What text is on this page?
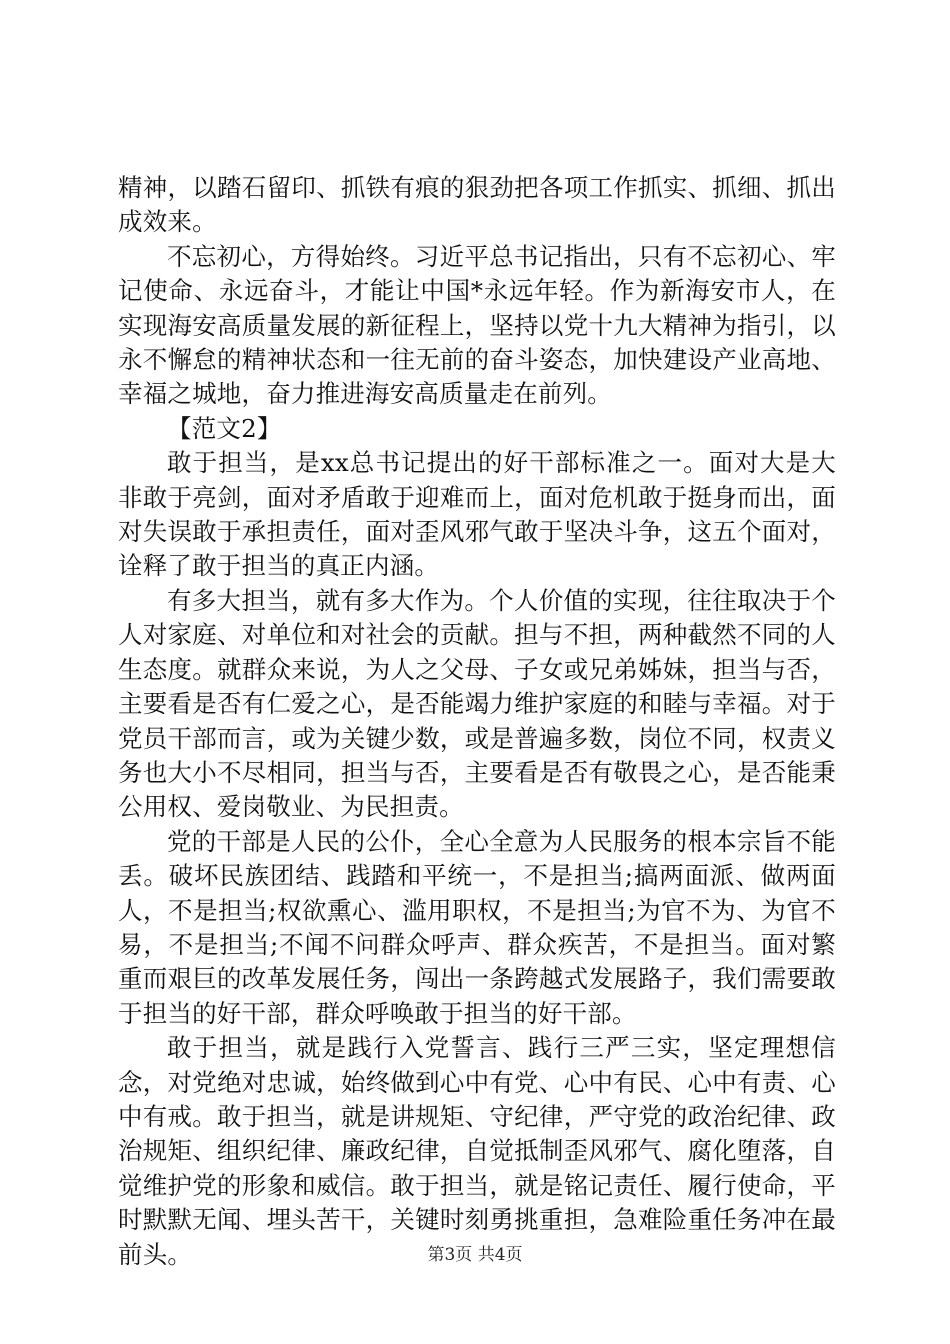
精神，以踏石留印、抓铁有痕的狠劲把各项工作抓实、抓细、抓出成效来。

不忘初心，方得始终。习近平总书记指出，只有不忘初心、牢记使命、永远奋斗，才能让中国*永远年轻。作为新海安市人，在实现海安高质量发展的新征程上，坚持以党十九大精神为指引，以永不懈怠的精神状态和一往无前的奋斗姿态，加快建设产业高地、幸福之城地，奋力推进海安高质量走在前列。

【范文2】

敢于担当，是xx总书记提出的好干部标准之一。面对大是大非敢于亮剑，面对矛盾敢于迎难而上，面对危机敢于挺身而出，面对失误敢于承担责任，面对歪风邪气敢于坚决斗争，这五个面对，诠释了敢于担当的真正内涵。

有多大担当，就有多大作为。个人价值的实现，往往取决于个人对家庭、对单位和对社会的贡献。担与不担，两种截然不同的人生态度。就群众来说，为人之父母、子女或兄弟姊妹，担当与否，主要看是否有仁爱之心，是否能竭力维护家庭的和睦与幸福。对于党员干部而言，或为关键少数，或是普遍多数，岗位不同，权责义务也大小不尽相同，担当与否，主要看是否有敬畏之心，是否能秉公用权、爱岗敬业、为民担责。

党的干部是人民的公仆，全心全意为人民服务的根本宗旨不能丢。破坏民族团结、践踏和平统一，不是担当;搞两面派、做两面人，不是担当;权欲熏心、滥用职权，不是担当;为官不为、为官不易，不是担当;不闻不问群众呼声、群众疾苦，不是担当。面对繁重而艰巨的改革发展任务，闯出一条跨越式发展路子，我们需要敢于担当的好干部，群众呼唤敢于担当的好干部。

敢于担当，就是践行入党誓言、践行三严三实，坚定理想信念，对党绝对忠诚，始终做到心中有党、心中有民、心中有责、心中有戒。敢于担当，就是讲规矩、守纪律，严守党的政治纪律、政治规矩、组织纪律、廉政纪律，自觉抵制歪风邪气、腐化堕落，自觉维护党的形象和威信。敢于担当，就是铭记责任、履行使命，平时默默无闻、埋头苦干，关键时刻勇挑重担，急难险重任务冲在最前头。	第3页 共4页
